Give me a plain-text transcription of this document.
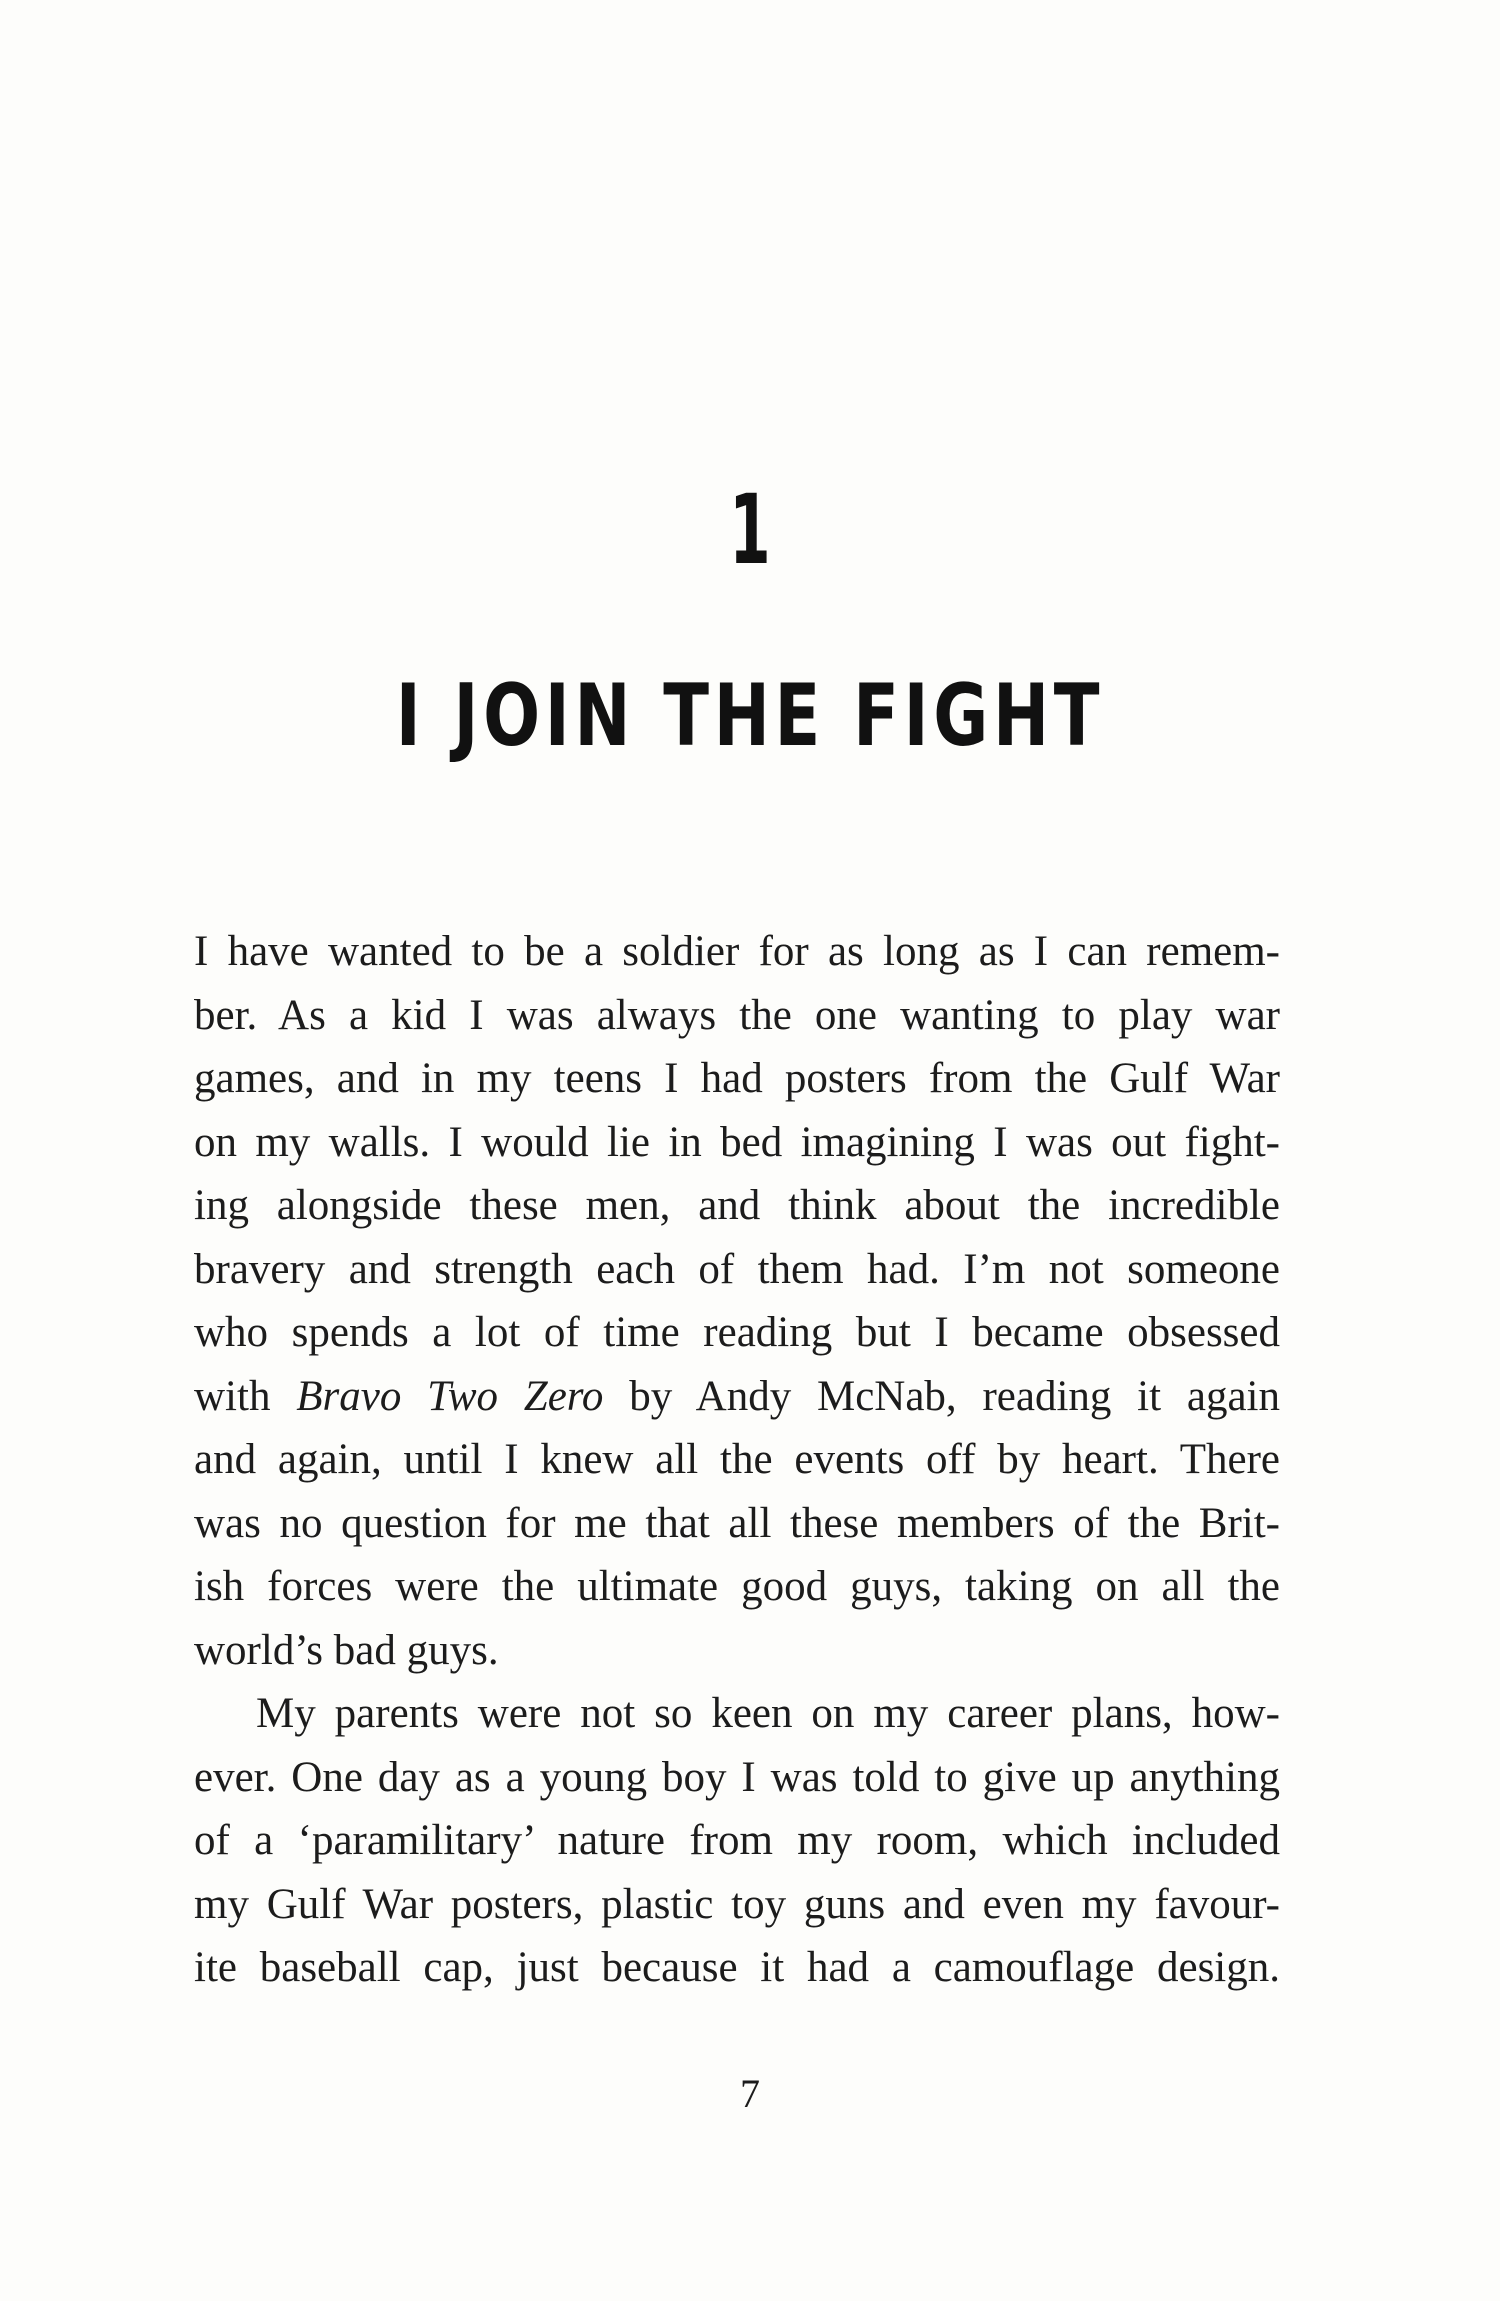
1
I JOIN THE FIGHT
I have wanted to be a soldier for as long as I can remem-
ber. As a kid I was always the one wanting to play war
games, and in my teens I had posters from the Gulf War
on my walls. I would lie in bed imagining I was out fight-
ing alongside these men, and think about the incredible
bravery and strength each of them had. I’m not someone
who spends a lot of time reading but I became obsessed
with Bravo Two Zero by Andy McNab, reading it again
and again, until I knew all the events off by heart. There
was no question for me that all these members of the Brit-
ish forces were the ultimate good guys, taking on all the
world’s bad guys.
My parents were not so keen on my career plans, how-
ever. One day as a young boy I was told to give up anything
of a ‘paramilitary’ nature from my room, which included
my Gulf War posters, plastic toy guns and even my favour-
ite baseball cap, just because it had a camouflage design.
7
